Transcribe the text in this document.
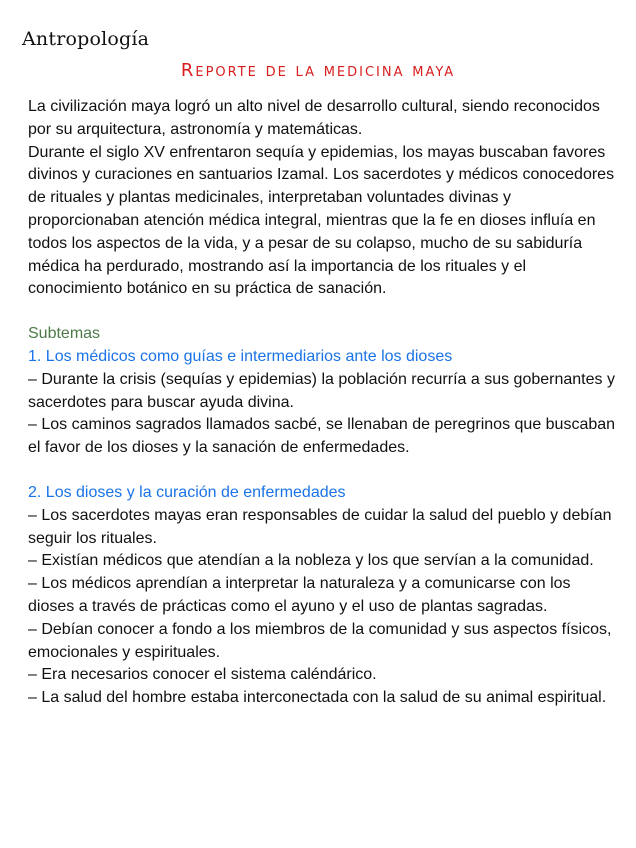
Antropología
Reporte de la medicina maya

La civilización maya logró un alto nivel de desarrollo cultural, siendo reconocidos por su arquitectura, astronomía y matemáticas.

Durante el siglo XV enfrentaron sequía y epidemias, los mayas buscaban favores divinos y curaciones en santuarios Izamal. Los sacerdotes y médicos conocedores de rituales y plantas medicinales, interpretaban voluntades divinas y proporcionaban atención médica integral, mientras que la fe en dioses influía en todos los aspectos de la vida, y a pesar de su colapso, mucho de su sabiduría médica ha perdurado, mostrando así la importancia de los rituales y el conocimiento botánico en su práctica de sanación.

Subtemas

1. Los médicos como guías e intermediarios ante los dioses

– Durante la crisis (sequías y epidemias) la población recurría a sus gobernantes y sacerdotes para buscar ayuda divina.

– Los caminos sagrados llamados sacbé, se llenaban de peregrinos que buscaban el favor de los dioses y la sanación de enfermedades.

2. Los dioses y la curación de enfermedades

– Los sacerdotes mayas eran responsables de cuidar la salud del pueblo y debían seguir los rituales.

– Existían médicos que atendían a la nobleza y los que servían a la comunidad.

– Los médicos aprendían a interpretar la naturaleza y a comunicarse con los dioses a través de prácticas como el ayuno y el uso de plantas sagradas.

– Debían conocer a fondo a los miembros de la comunidad y sus aspectos físicos, emocionales y espirituales.

– Era necesarios conocer el sistema caléndárico.

– La salud del hombre estaba interconectada con la salud de su animal espiritual.
